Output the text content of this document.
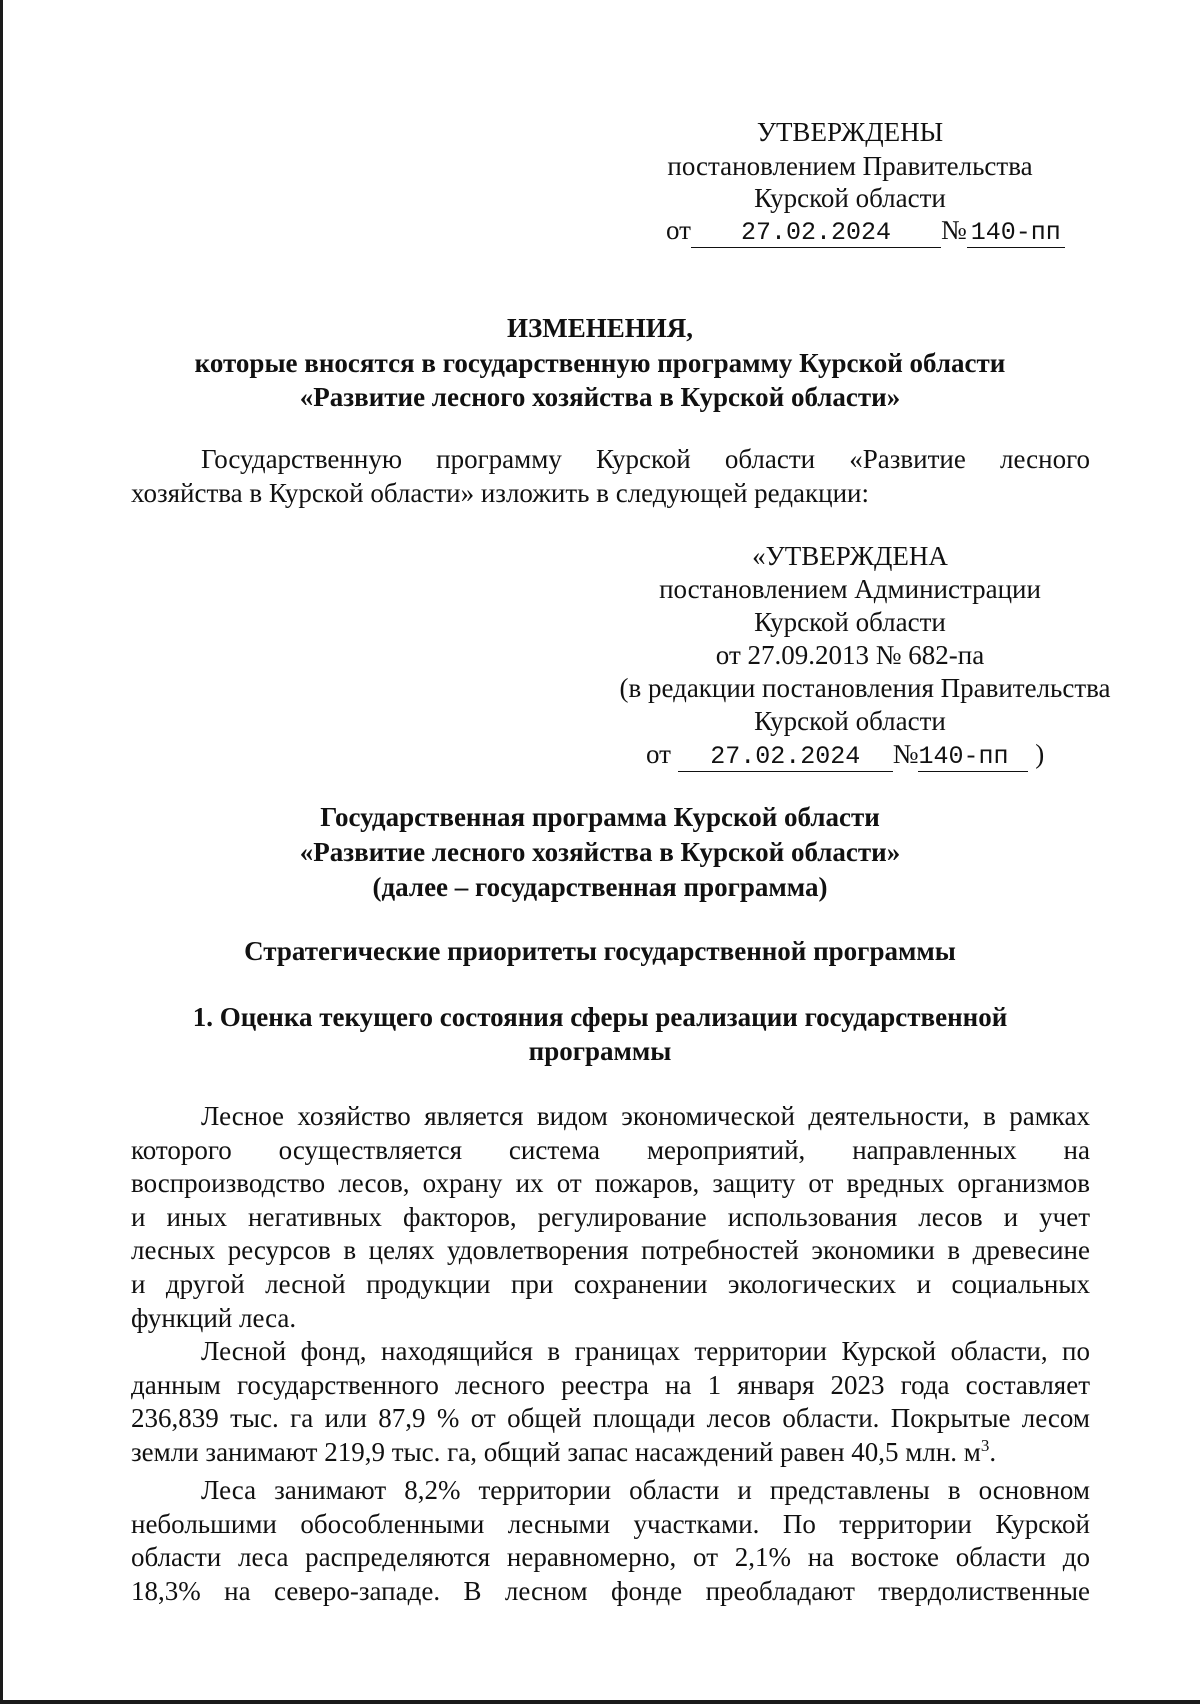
УТВЕРЖДЕНЫ
постановлением Правительства
Курской области
от 27.02.2024 № 140-пп
ИЗМЕНЕНИЯ,
которые вносятся в государственную программу Курской области
«Развитие лесного хозяйства в Курской области»
Государственную программу Курской области «Развитие лесного
хозяйства в Курской области» изложить в следующей редакции:
«УТВЕРЖДЕНА
постановлением Администрации
Курской области
от 27.09.2013 № 682-па
(в редакции постановления Правительства
Курской области
от 27.02.2024 №140-пп )
Государственная программа Курской области
«Развитие лесного хозяйства в Курской области»
(далее – государственная программа)
Стратегические приоритеты государственной программы
1. Оценка текущего состояния сферы реализации государственной
программы
Лесное хозяйство является видом экономической деятельности, в рамках
которого осуществляется система мероприятий, направленных на
воспроизводство лесов, охрану их от пожаров, защиту от вредных организмов
и иных негативных факторов, регулирование использования лесов и учет
лесных ресурсов в целях удовлетворения потребностей экономики в древесине
и другой лесной продукции при сохранении экологических и социальных
функций леса.
Лесной фонд, находящийся в границах территории Курской области, по
данным государственного лесного реестра на 1 января 2023 года составляет
236,839 тыс. га или 87,9 % от общей площади лесов области. Покрытые лесом
земли занимают 219,9 тыс. га, общий запас насаждений равен 40,5 млн. $м^3$.
Леса занимают 8,2% территории области и представлены в основном
небольшими обособленными лесными участками. По территории Курской
области леса распределяются неравномерно, от 2,1% на востоке области до
18,3% на северо-западе. В лесном фонде преобладают твердолиственные
